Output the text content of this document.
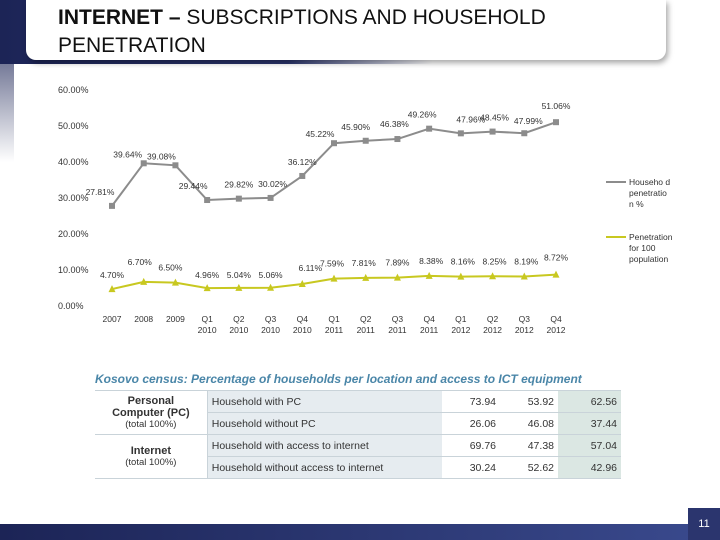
INTERNET – SUBSCRIPTIONS AND HOUSEHOLD PENETRATION
0.00%
10.00%
20.00%
30.00%
40.00%
50.00%
60.00%
2007 2008 2009 Q1
2010
Q2
2010
Q3
2010
Q4
2010
Q1
2011
Q2
2011
Q3
2011
Q4
2011
Q1
2012
Q2
2012
Q3
2012
Q4
2012
27.81%
39.64% 39.08%
29.44% 29.82% 30.02%
36.12%
45.22%
45.90% 46.38%
49.26% 47.96%
48.45% 47.99%
51.06%
4.70%
6.70%
6.50%
4.96% 5.04% 5.06%
6.11%
7.59% 7.81% 7.89% 8.38% 8.16% 8.25% 8.19% 8.72%
Househo d
penetratio
n %
Penetration
for 100
population
Kosovo census: Percentage of households per location and access to ICT equipment
Personal
Computer (PC)
(total 100%)	Household with PC	73.94	53.92	62.56
	Household without PC	26.06	46.08	37.44
Internet
(total 100%)	Household with access to internet	69.76	47.38	57.04
	Household without access to internet	30.24	52.62	42.96
11
